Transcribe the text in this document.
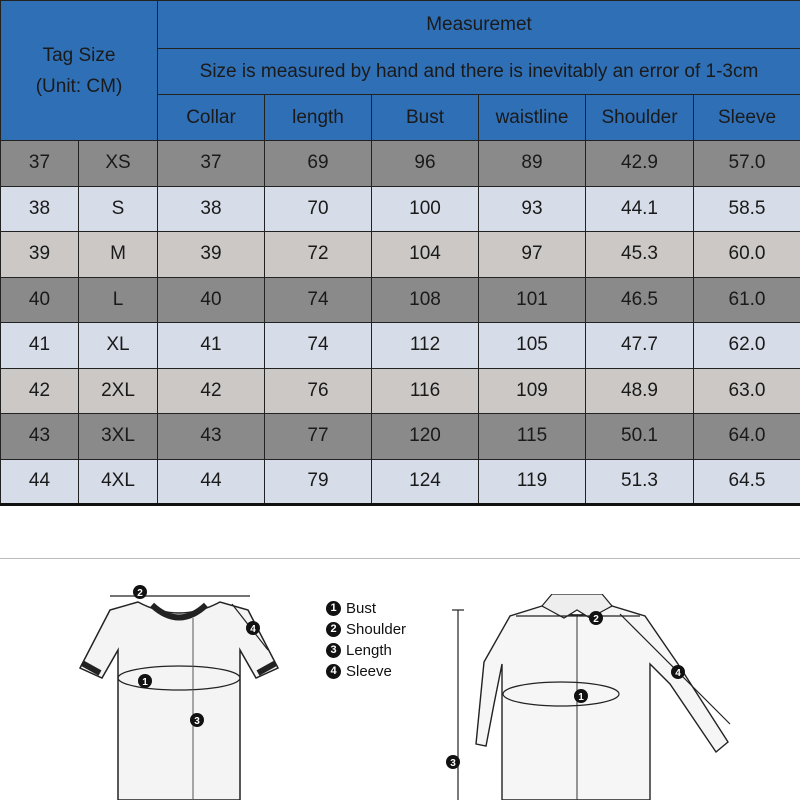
Tag Size
(Unit: CM)		Measuremet					
		Size is measured by hand and there is inevitably an error of 1-3cm					
		Collar	length	Bust	waistline	Shoulder	Sleeve
37	XS	37	69	96	89	42.9	57.0
38	S	38	70	100	93	44.1	58.5
39	M	39	72	104	97	45.3	60.0
40	L	40	74	108	101	46.5	61.0
41	XL	41	74	112	105	47.7	62.0
42	2XL	42	76	116	109	48.9	63.0
43	3XL	43	77	120	115	50.1	64.0
44	4XL	44	79	124	119	51.3	64.5
2
1
3
4
1 Bust
2 Shoulder
3 Length
4 Sleeve
3
2
1
4
